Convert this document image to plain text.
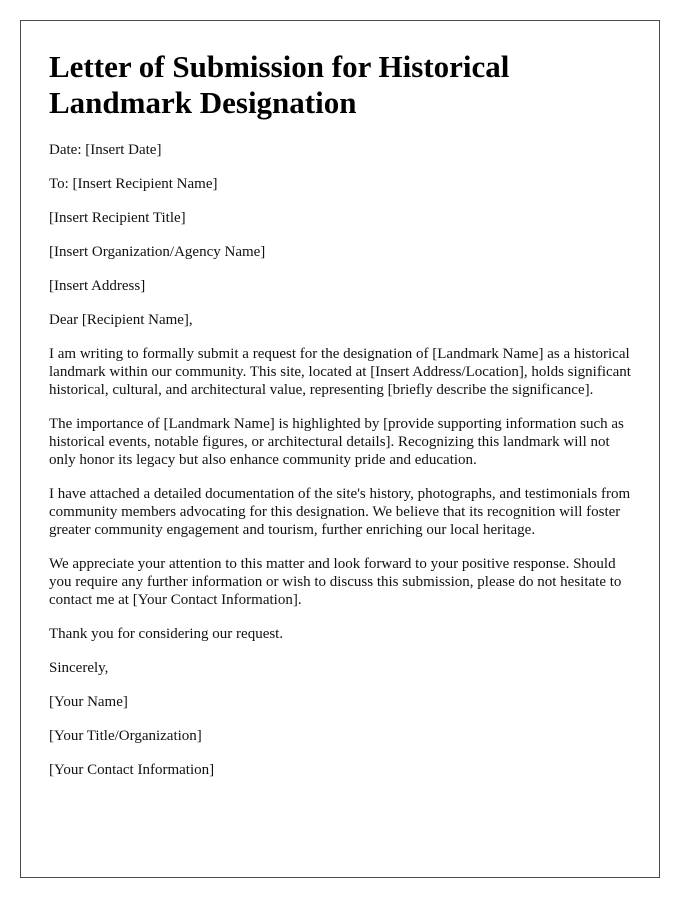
Letter of Submission for Historical Landmark Designation

Date: [Insert Date]

To: [Insert Recipient Name]

[Insert Recipient Title]

[Insert Organization/Agency Name]

[Insert Address]

Dear [Recipient Name],

I am writing to formally submit a request for the designation of [Landmark Name] as a historical landmark within our community. This site, located at [Insert Address/Location], holds significant historical, cultural, and architectural value, representing [briefly describe the significance].

The importance of [Landmark Name] is highlighted by [provide supporting information such as historical events, notable figures, or architectural details]. Recognizing this landmark will not only honor its legacy but also enhance community pride and education.

I have attached a detailed documentation of the site's history, photographs, and testimonials from community members advocating for this designation. We believe that its recognition will foster greater community engagement and tourism, further enriching our local heritage.

We appreciate your attention to this matter and look forward to your positive response. Should you require any further information or wish to discuss this submission, please do not hesitate to contact me at [Your Contact Information].

Thank you for considering our request.

Sincerely,

[Your Name]

[Your Title/Organization]

[Your Contact Information]
